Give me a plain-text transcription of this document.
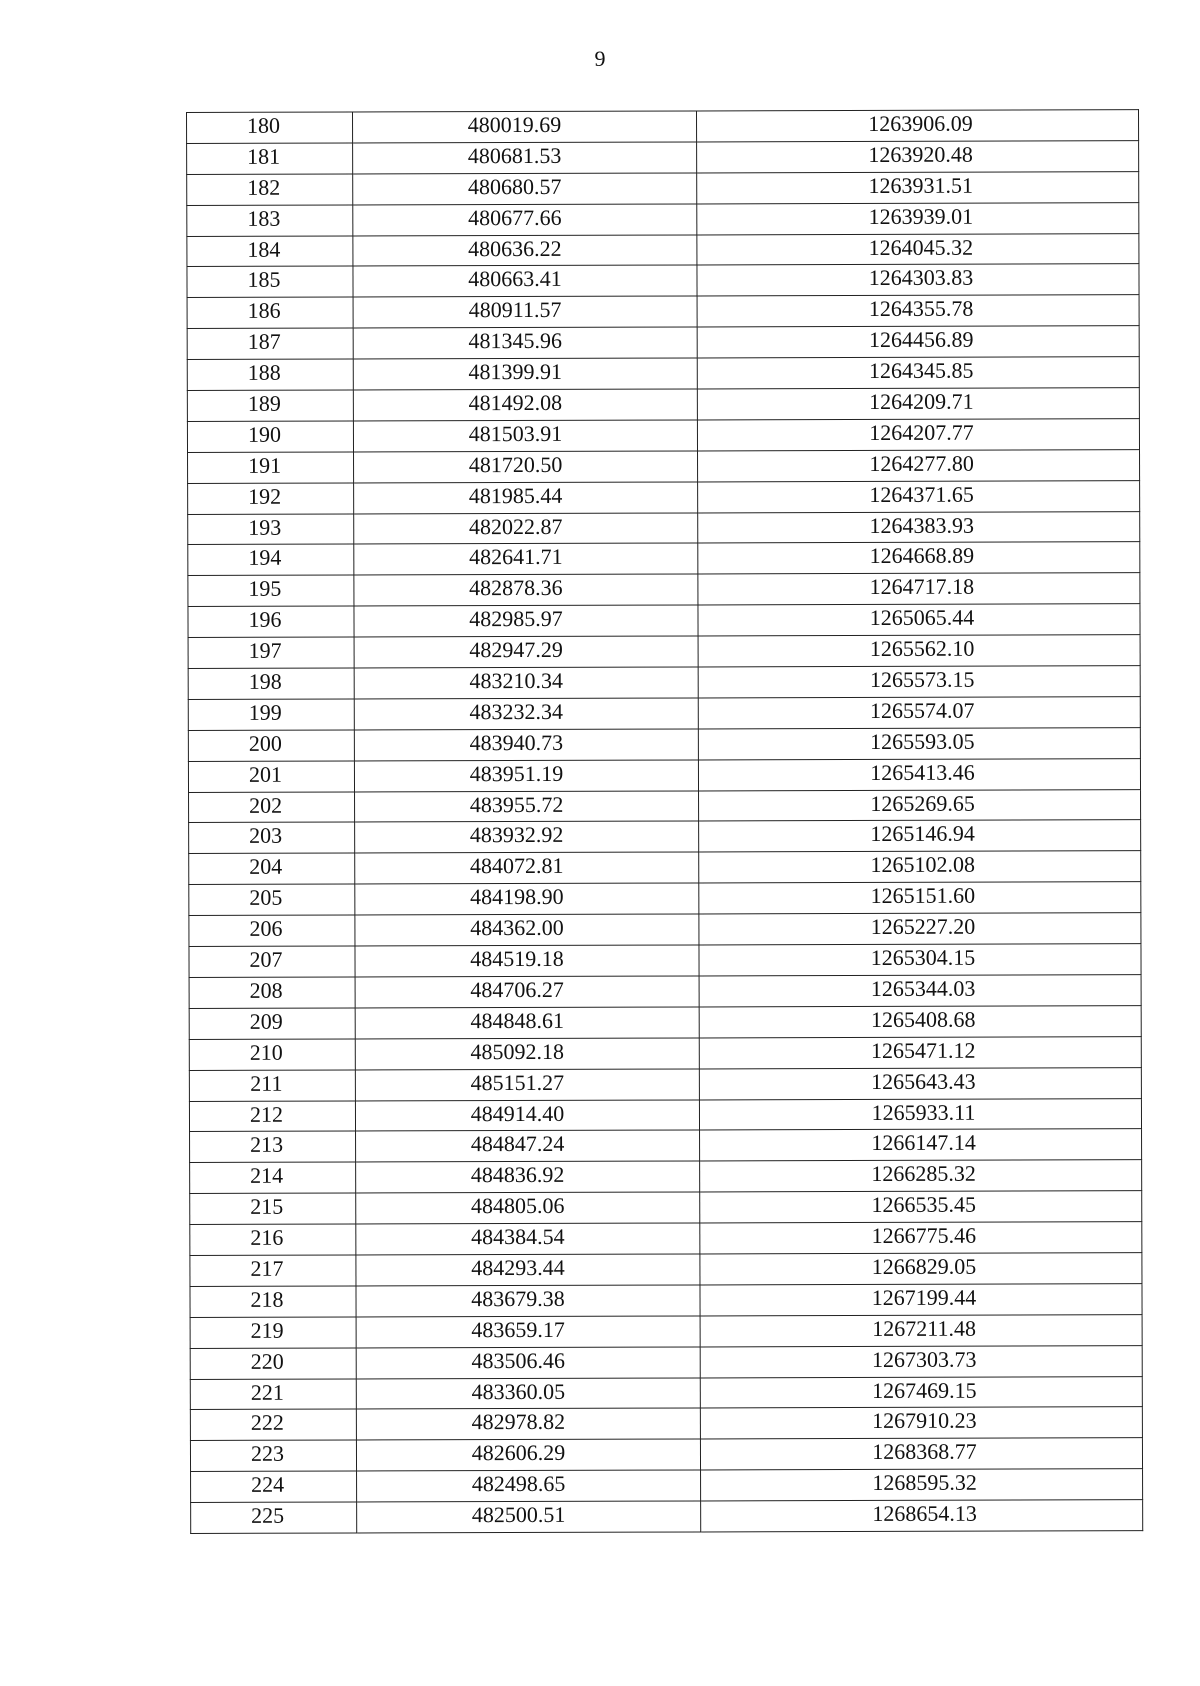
9
180	480019.69	1263906.09
181	480681.53	1263920.48
182	480680.57	1263931.51
183	480677.66	1263939.01
184	480636.22	1264045.32
185	480663.41	1264303.83
186	480911.57	1264355.78
187	481345.96	1264456.89
188	481399.91	1264345.85
189	481492.08	1264209.71
190	481503.91	1264207.77
191	481720.50	1264277.80
192	481985.44	1264371.65
193	482022.87	1264383.93
194	482641.71	1264668.89
195	482878.36	1264717.18
196	482985.97	1265065.44
197	482947.29	1265562.10
198	483210.34	1265573.15
199	483232.34	1265574.07
200	483940.73	1265593.05
201	483951.19	1265413.46
202	483955.72	1265269.65
203	483932.92	1265146.94
204	484072.81	1265102.08
205	484198.90	1265151.60
206	484362.00	1265227.20
207	484519.18	1265304.15
208	484706.27	1265344.03
209	484848.61	1265408.68
210	485092.18	1265471.12
211	485151.27	1265643.43
212	484914.40	1265933.11
213	484847.24	1266147.14
214	484836.92	1266285.32
215	484805.06	1266535.45
216	484384.54	1266775.46
217	484293.44	1266829.05
218	483679.38	1267199.44
219	483659.17	1267211.48
220	483506.46	1267303.73
221	483360.05	1267469.15
222	482978.82	1267910.23
223	482606.29	1268368.77
224	482498.65	1268595.32
225	482500.51	1268654.13
